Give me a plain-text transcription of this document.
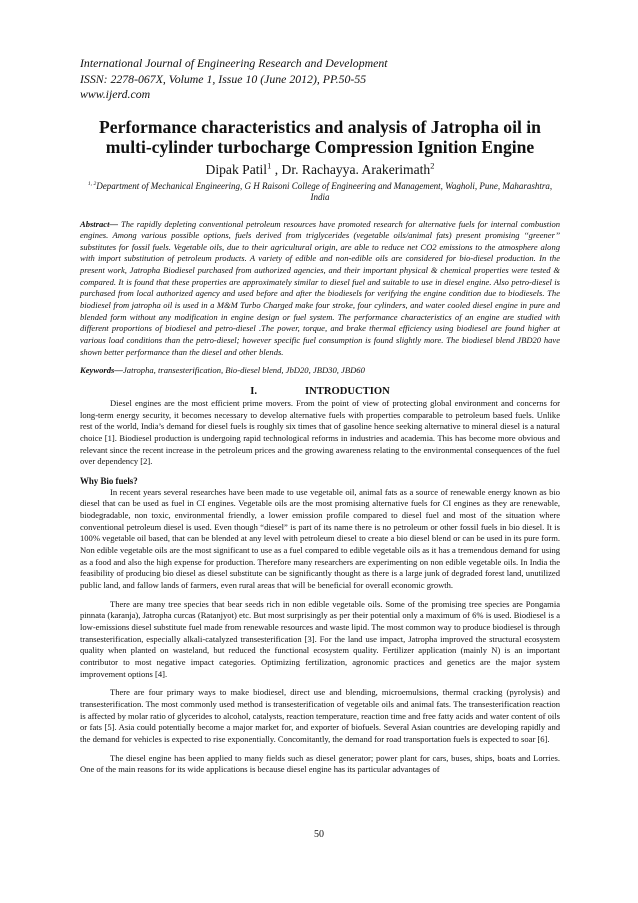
International Journal of Engineering Research and Development
ISSN: 2278-067X, Volume 1, Issue 10 (June 2012), PP.50-55
www.ijerd.com
Performance characteristics and analysis of Jatropha oil in multi-cylinder turbocharge Compression Ignition Engine
Dipak Patil$^1$ , Dr. Rachayya. Arakerimath$^2$
$^{1, 2}$Department of Mechanical Engineering, G H Raisoni College of Engineering and Management, Wagholi, Pune, Maharashtra, India
Abstract— The rapidly depleting conventional petroleum resources have promoted research for alternative fuels for internal combustion engines. Among various possible options, fuels derived from triglycerides (vegetable oils/animal fats) present promising ‘‘greener’’ substitutes for fossil fuels. Vegetable oils, due to their agricultural origin, are able to reduce net CO2 emissions to the atmosphere along with import substitution of petroleum products. A variety of edible and non-edible oils are considered for bio-diesel production. In the present work, Jatropha Biodiesel purchased from authorized agencies, and their important physical & chemical properties were tested & compared. It is found that these properties are approximately similar to diesel fuel and suitable to use in diesel engine. Also petro-diesel is purchased from local authorized agency and used before and after the biodiesels for verifying the engine condition due to biodiesels. The biodiesel from jatropha oil is used in a M&M Turbo Charged make four stroke, four cylinders, and water cooled diesel engine in pure and blended form without any modification in engine design or fuel system. The performance characteristics of an engine are studied with different proportions of biodiesel and petro-diesel .The power, torque, and brake thermal efficiency using biodiesel are found higher at various load conditions than the petro-diesel; however specific fuel consumption is found slightly more. The biodiesel blend JBD20 have shown better performance than the diesel and other blends.
Keywords—Jatropha, transesterification, Bio-diesel blend, JbD20, JBD30, JBD60
I.	INTRODUCTION

Diesel engines are the most efficient prime movers. From the point of view of protecting global environment and concerns for long-term energy security, it becomes necessary to develop alternative fuels with properties comparable to petroleum based fuels. Unlike rest of the world, India’s demand for diesel fuels is roughly six times that of gasoline hence seeking alternative to mineral diesel is a natural choice [1]. Biodiesel production is undergoing rapid technological reforms in industries and academia. This has become more obvious and relevant since the recent increase in the petroleum prices and the growing awareness relating to the environmental consequences of the fuel over dependency [2].

Why Bio fuels?

In recent years several researches have been made to use vegetable oil, animal fats as a source of renewable energy known as bio diesel that can be used as fuel in CI engines. Vegetable oils are the most promising alternative fuels for CI engines as they are renewable, biodegradable, non toxic, environmental friendly, a lower emission profile compared to diesel fuel and most of the situation where conventional petroleum diesel is used. Even though “diesel” is part of its name there is no petroleum or other fossil fuels in bio diesel. It is 100% vegetable oil based, that can be blended at any level with petroleum diesel to create a bio diesel blend or can be used in its pure form. Non edible vegetable oils are the most significant to use as a fuel compared to edible vegetable oils as it has a tremendous demand for using as a food and also the high expense for production. Therefore many researchers are experimenting on non edible vegetable oils. In India the feasibility of producing bio diesel as diesel substitute can be significantly thought as there is a large junk of degraded forest land, unutilized public land, and fallow lands of farmers, even rural areas that will be beneficial for overall economic growth.

There are many tree species that bear seeds rich in non edible vegetable oils. Some of the promising tree species are Pongamia pinnata (karanja), Jatropha curcas (Ratanjyot) etc. But most surprisingly as per their potential only a maximum of 6% is used. Biodiesel is a low-emissions diesel substitute fuel made from renewable resources and waste lipid. The most common way to produce biodiesel is through transesterification, especially alkali-catalyzed transesterification [3]. For the land use impact, Jatropha improved the structural ecosystem quality when planted on wasteland, but reduced the functional ecosystem quality. Fertilizer application (mainly N) is an important contributor to most negative impact categories. Optimizing fertilization, agronomic practices and genetics are the major system improvement options [4].

There are four primary ways to make biodiesel, direct use and blending, microemulsions, thermal cracking (pyrolysis) and transesterification. The most commonly used method is transesterification of vegetable oils and animal fats. The transesterification reaction is affected by molar ratio of glycerides to alcohol, catalysts, reaction temperature, reaction time and free fatty acids and water content of oils or fats [5]. Asia could potentially become a major market for, and exporter of biofuels. Several Asian countries are developing rapidly and the demand for vehicles is expected to rise exponentially. Concomitantly, the demand for road transportation fuels is expected to soar [6].

The diesel engine has been applied to many fields such as diesel generator; power plant for cars, buses, ships, boats and Lorries. One of the main reasons for its wide applications is because diesel engine has its particular advantages of

50
